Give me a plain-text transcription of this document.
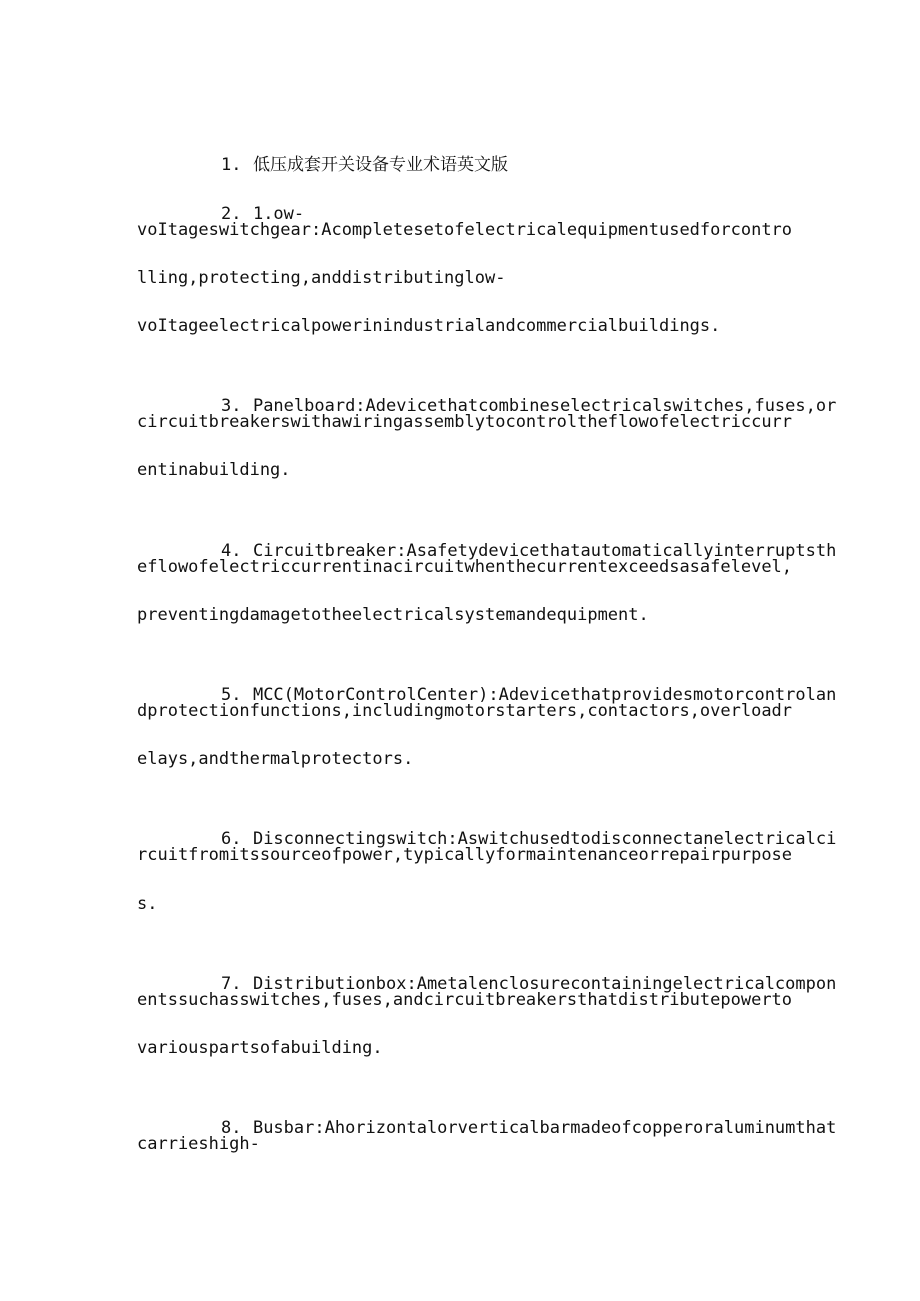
1. 低压成套开关设备专业术语英文版

2. 1.ow-

voItageswitchgear:Acompletesetofelectricalequipmentusedforcontro
lling,protecting,anddistributinglow-
voItageelectricalpowerinindustrialandcommercialbuildings.

3. Panelboard:Adevicethatcombineselectricalswitches,fuses,or

circuitbreakerswithawiringassemblytocontroltheflowofelectriccurr
entinabuilding.

4. Circuitbreaker:Asafetydevicethatautomaticallyinterruptsth

eflowofelectriccurrentinacircuitwhenthecurrentexceedsasafelevel,
preventingdamagetotheelectricalsystemandequipment.

5. MCC(MotorControlCenter):Adevicethatprovidesmotorcontrolan

dprotectionfunctions,includingmotorstarters,contactors,overloadr
elays,andthermalprotectors.

6. Disconnectingswitch:Aswitchusedtodisconnectanelectricalci

rcuitfromitssourceofpower,typicallyformaintenanceorrepairpurpose
s.

7. Distributionbox:Ametalenclosurecontainingelectricalcompon

entssuchasswitches,fuses,andcircuitbreakersthatdistributepowerto
variouspartsofabuilding.

8. Busbar:Ahorizontalorverticalbarmadeofcopperoraluminumthat

carrieshigh-
